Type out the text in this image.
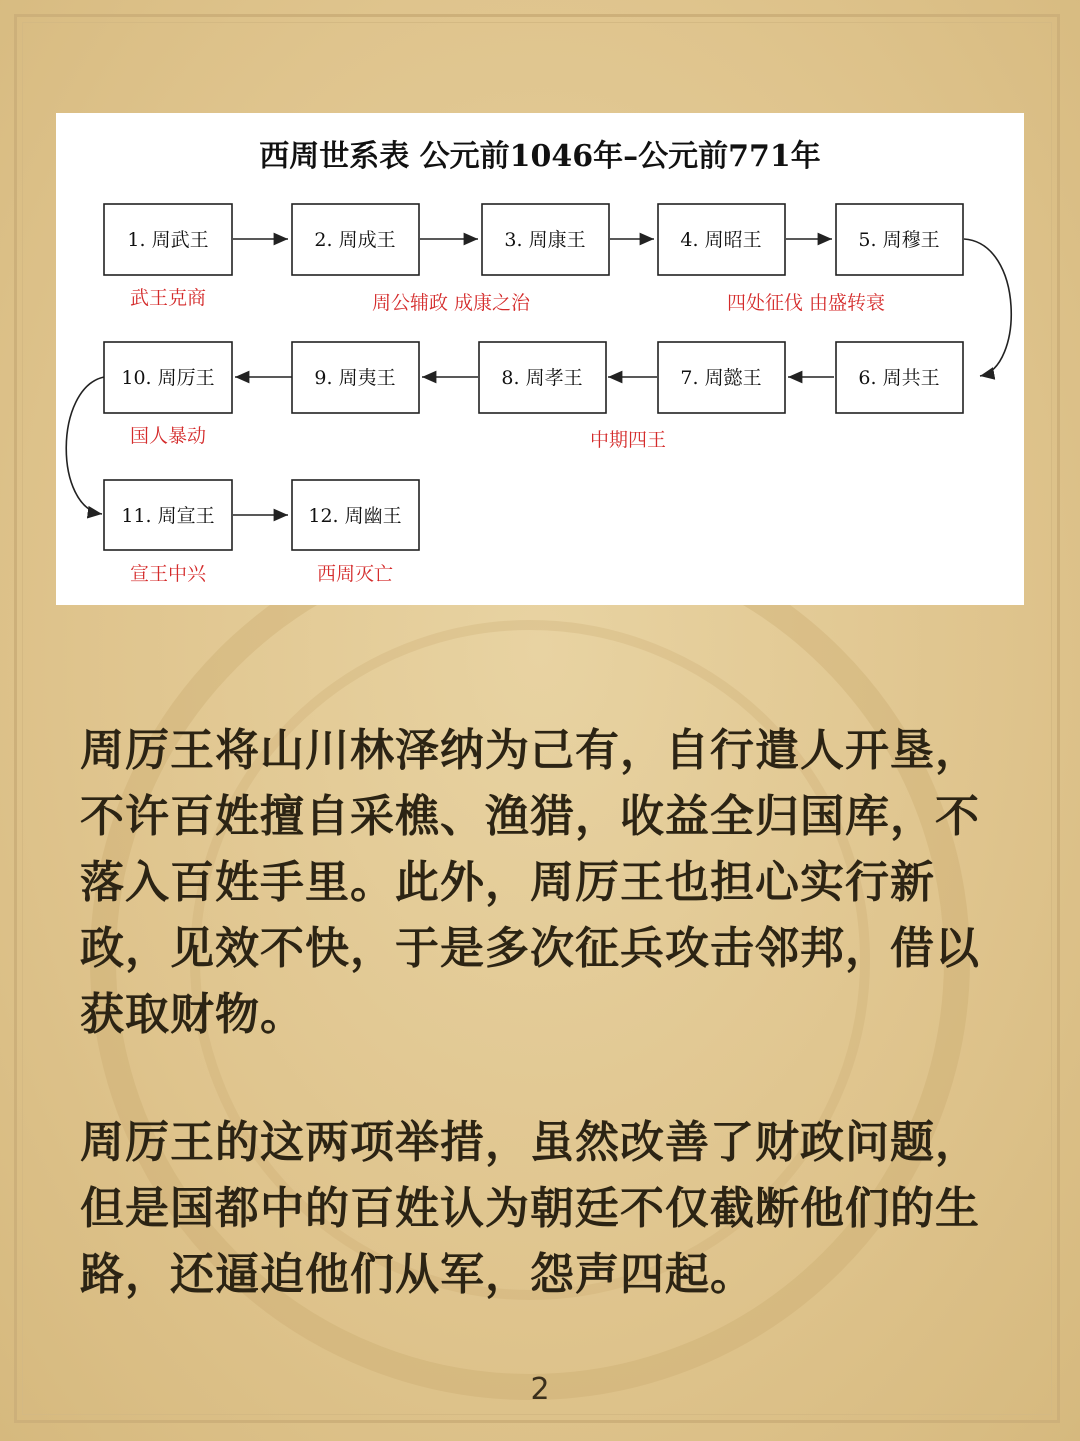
西周世系表 公元前1046年–公元前771年
1. 周武王	2. 周成王	3. 周康王	4. 周昭王	5. 周穆王
6. 周共王
7. 周懿王
8. 周孝王
9. 周夷王
10. 周厉王
11. 周宣王	12. 周幽王
武王克商	周公辅政 成康之治	四处征伐 由盛转衰
国人暴动	中期四王
宣王中兴	西周灭亡
周厉王将山川林泽纳为己有，自行遣人开垦，不许百姓擅自采樵、渔猎，收益全归国库，不落入百姓手里。此外，周厉王也担心实行新政，见效不快，于是多次征兵攻击邻邦，借以获取财物。
周厉王的这两项举措，虽然改善了财政问题，但是国都中的百姓认为朝廷不仅截断他们的生路，还逼迫他们从军，怨声四起。
2
